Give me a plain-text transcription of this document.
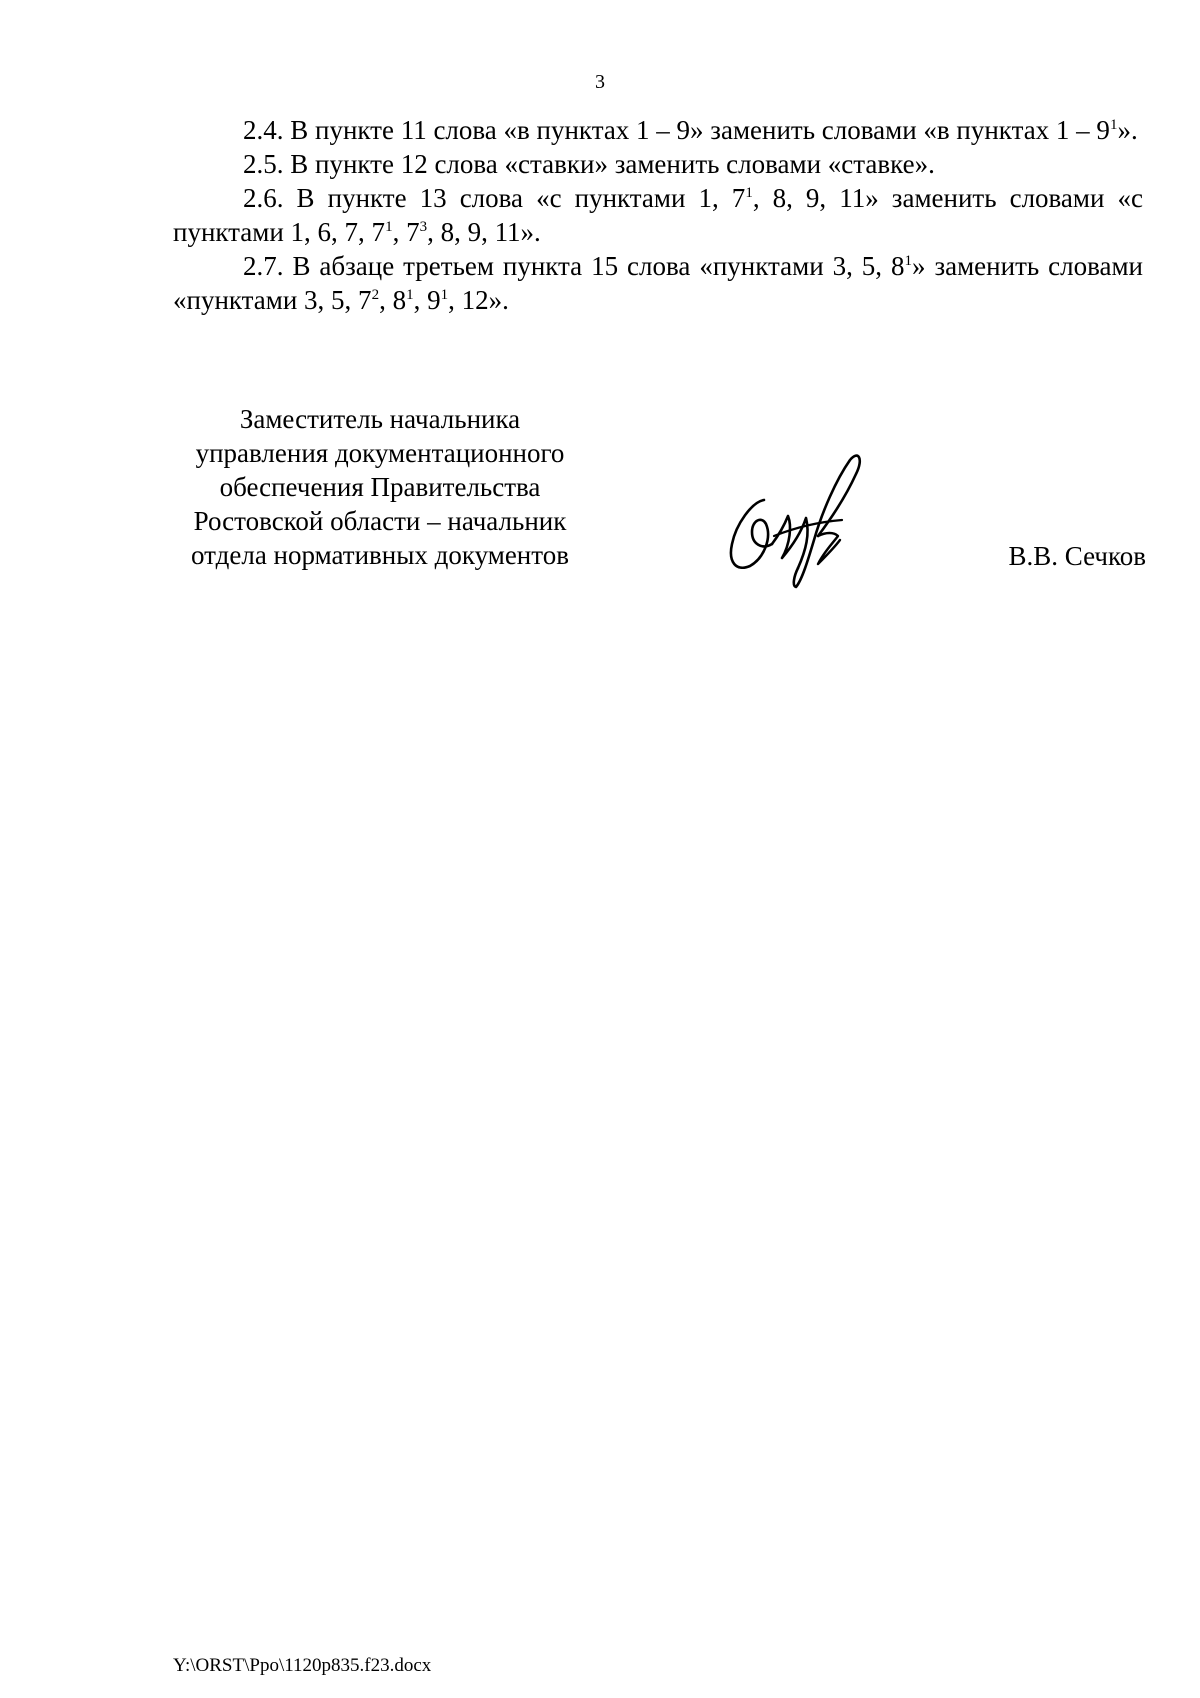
3

2.4. В пункте 11 слова «в пунктах 1 – 9» заменить словами «в пунктах $1 - 9^1$».

2.5. В пункте 12 слова «ставки» заменить словами «ставке».

2.6. В пункте 13 слова «с пунктами 1, $7^1$, 8, 9, 11» заменить словами «с пунктами 1, 6, 7, $7^1$, $7^3$, 8, 9, 11».

2.7. В абзаце третьем пункта 15 слова «пунктами 3, 5, $8^1$» заменить словами «пунктами 3, 5, $7^2$, $8^1$, $9^1$, 12».

Заместитель начальника
управления документационного
обеспечения Правительства
Ростовской области – начальник
отдела нормативных документов	В.В. Сечков
Y:\ORST\Ppo\1120p835.f23.docx
